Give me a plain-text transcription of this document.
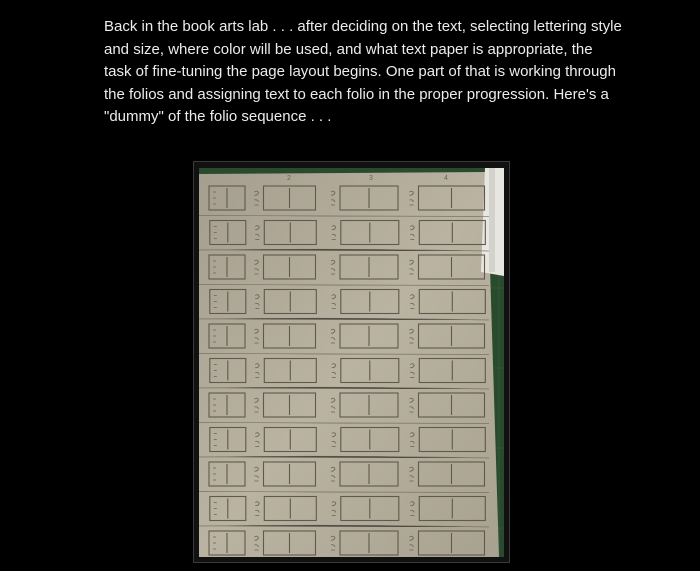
Back in the book arts lab . . . after deciding on the text, selecting lettering style and size, where color will be used, and what text paper is appropriate, the task of fine-tuning the page layout begins. One part of that is working through the folios and assigning text to each folio in the proper progression. Here's a "dummy" of the folio sequence . . .

2	3	4
